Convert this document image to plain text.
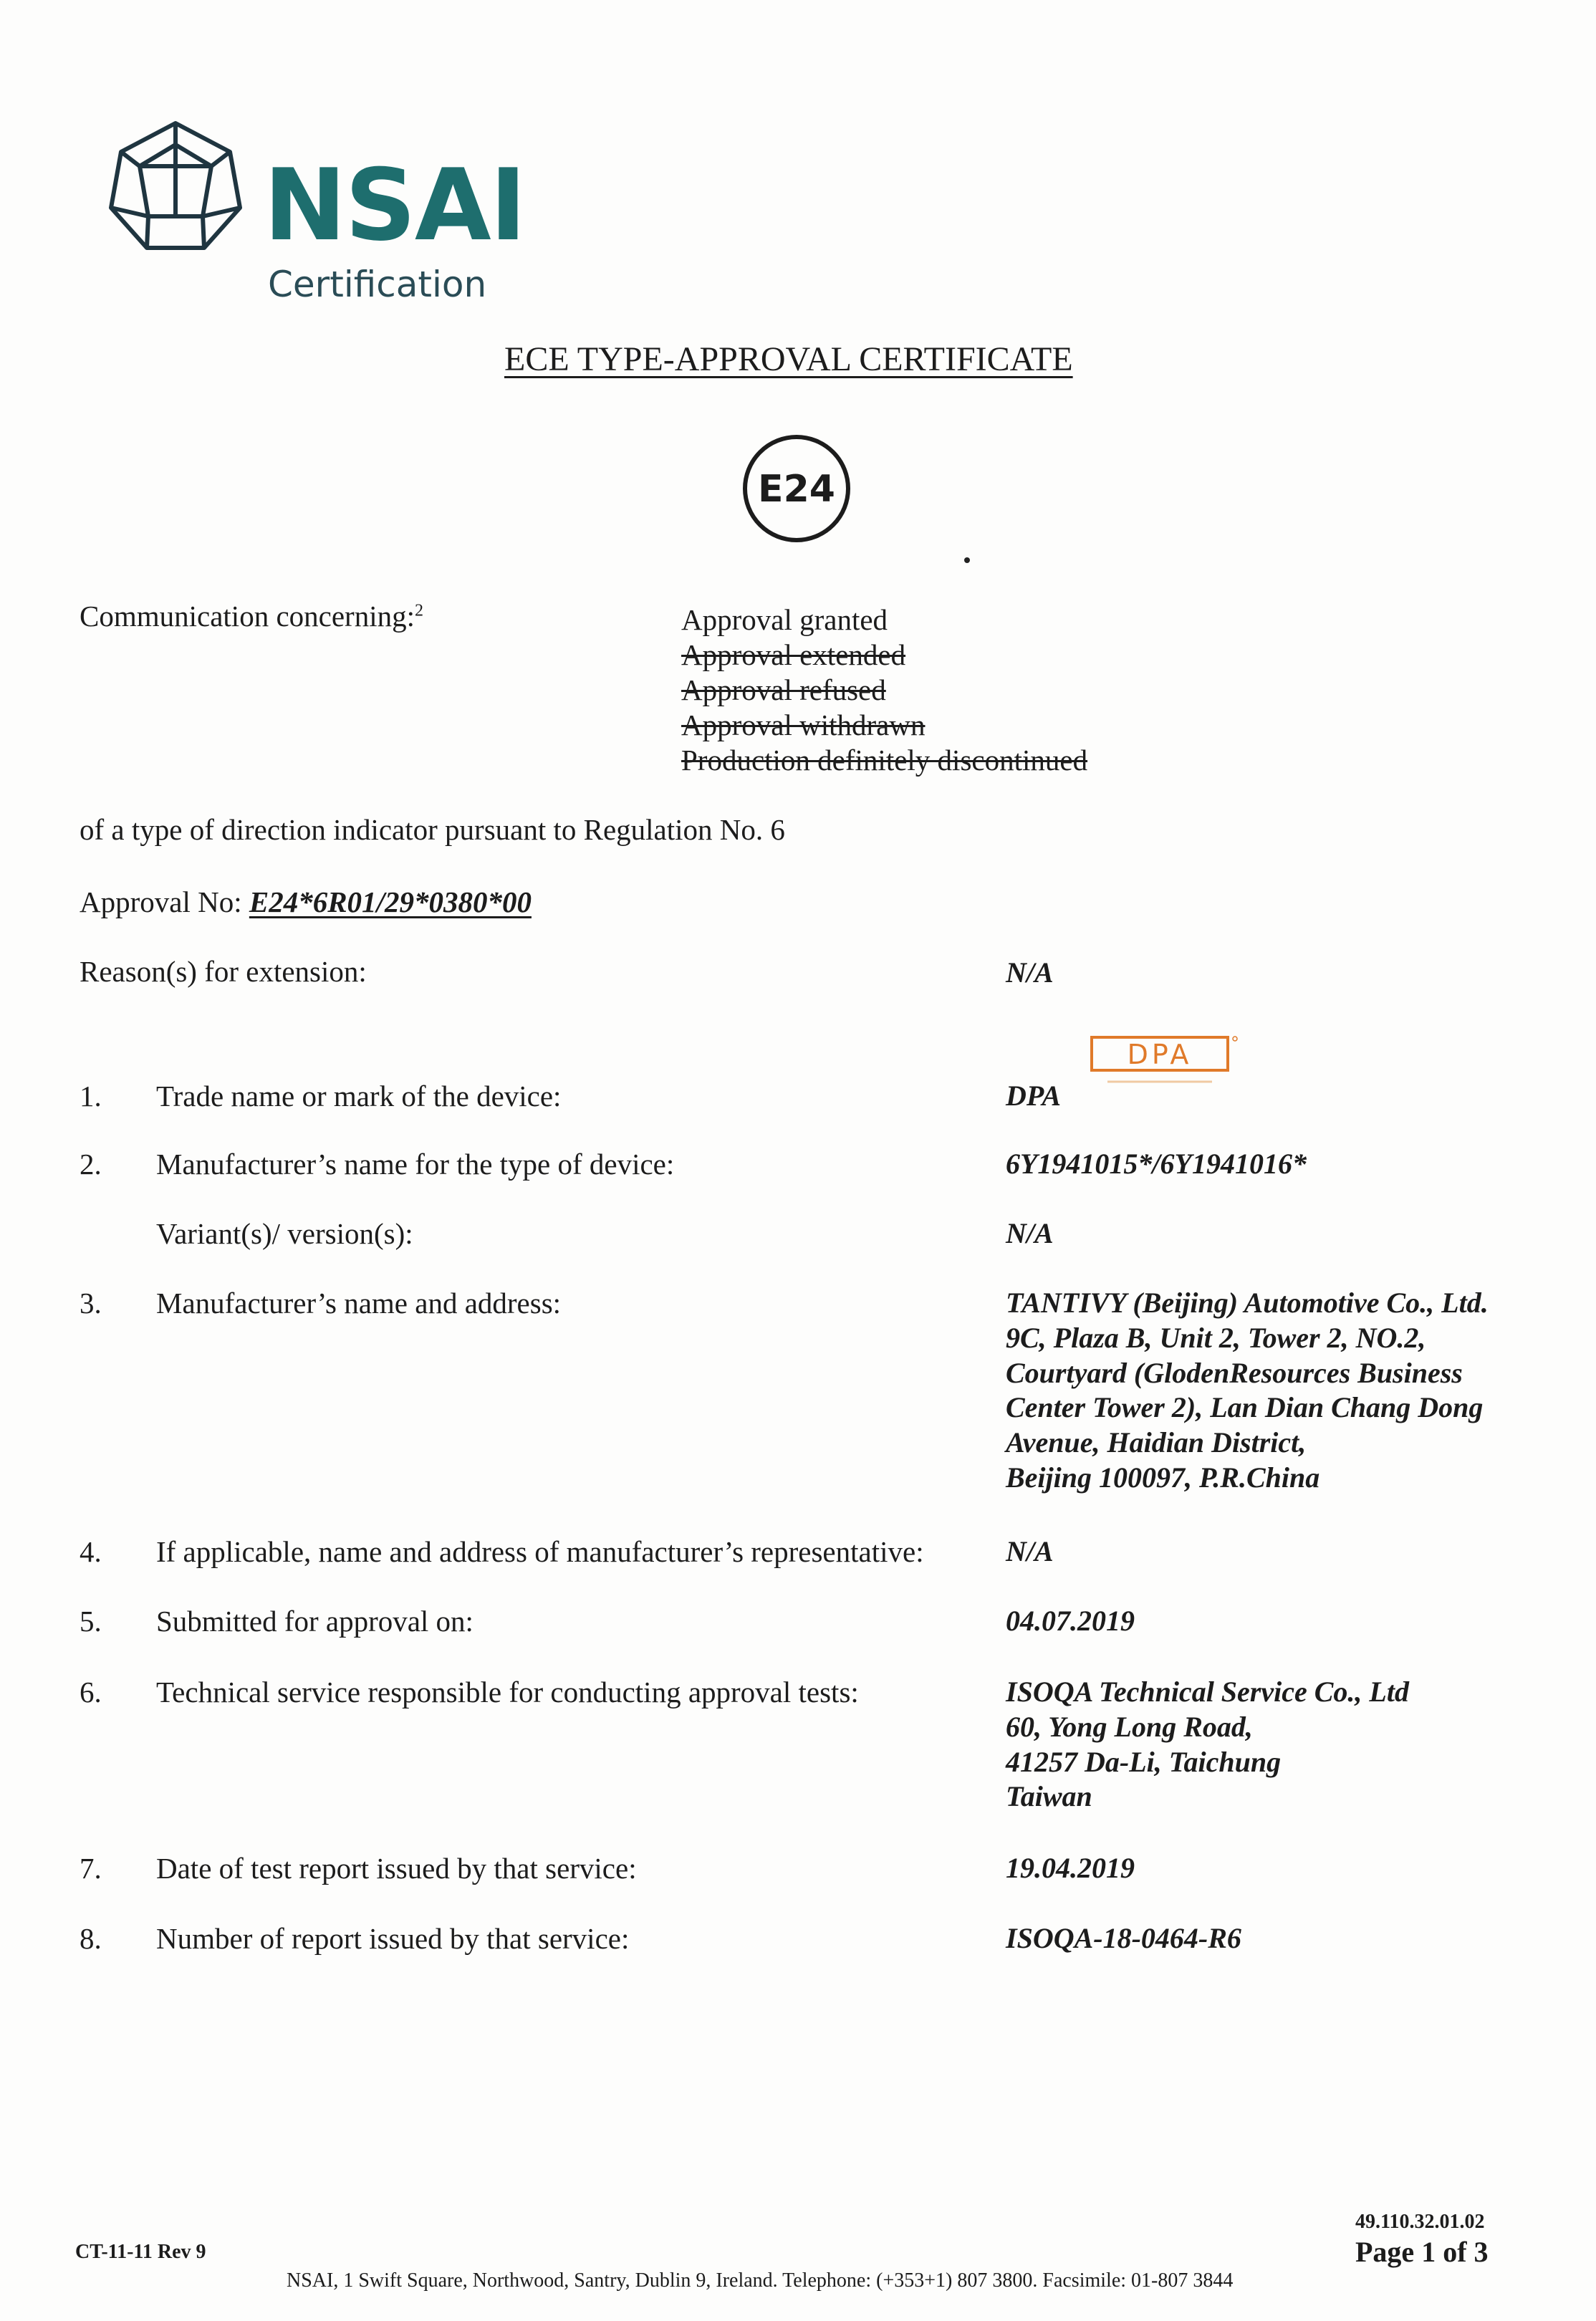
NSAI
Certification
ECE TYPE-APPROVAL CERTIFICATE
E24
Communication concerning:$^2$	Approval granted
Approval extended
Approval refused
Approval withdrawn
Production definitely discontinued
of a type of direction indicator pursuant to Regulation No. 6
Approval No: E24*6R01/29*0380*00
Reason(s) for extension:	N/A
DPA
1. Trade name or mark of the device:	DPA
2. Manufacturer’s name for the type of device:	6Y1941015*/6Y1941016*
Variant(s)/ version(s):	N/A
3. Manufacturer’s name and address:	TANTIVY (Beijing) Automotive Co., Ltd.
9C, Plaza B, Unit 2, Tower 2, NO.2,
Courtyard (GlodenResources Business
Center Tower 2), Lan Dian Chang Dong
Avenue, Haidian District,
Beijing 100097, P.R.China
4. If applicable, name and address of manufacturer’s representative:	N/A
5. Submitted for approval on:	04.07.2019
6. Technical service responsible for conducting approval tests:	ISOQA Technical Service Co., Ltd
60, Yong Long Road,
41257 Da-Li, Taichung
Taiwan
7. Date of test report issued by that service:	19.04.2019
8. Number of report issued by that service:	ISOQA-18-0464-R6
CT-11-11 Rev 9
NSAI, 1 Swift Square, Northwood, Santry, Dublin 9, Ireland. Telephone: (+353+1) 807 3800. Facsimile: 01-807 3844
49.110.32.01.02
Page 1 of 3
